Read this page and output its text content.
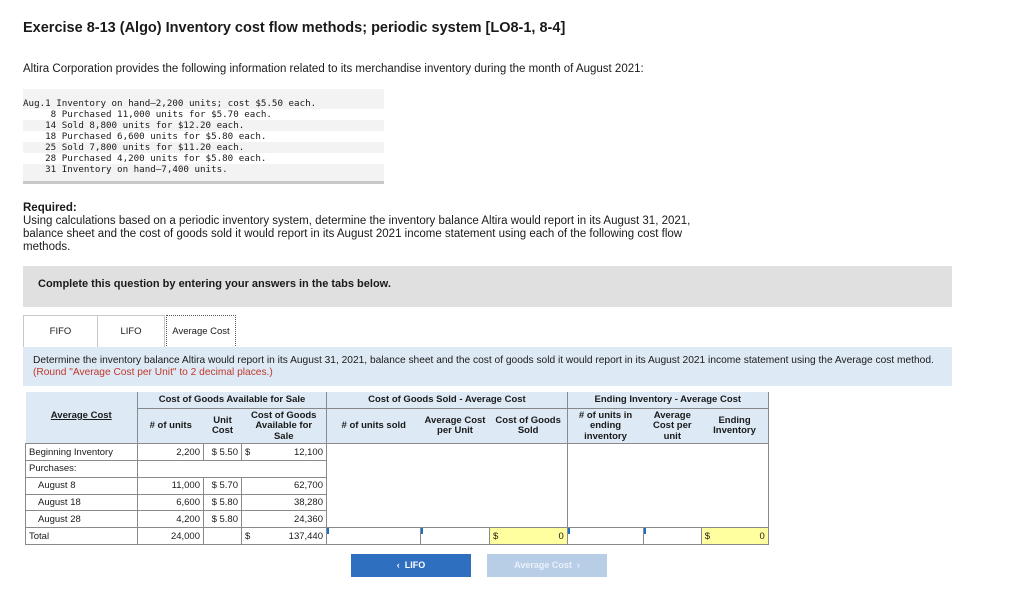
Exercise 8-13 (Algo) Inventory cost flow methods; periodic system [LO8-1, 8-4]
Altira Corporation provides the following information related to its merchandise inventory during the month of August 2021:
Aug.1 Inventory on hand—2,200 units; cost $5.50 each.
8 Purchased 11,000 units for $5.70 each.
14 Sold 8,800 units for $12.20 each.
18 Purchased 6,600 units for $5.80 each.
25 Sold 7,800 units for $11.20 each.
28 Purchased 4,200 units for $5.80 each.
31 Inventory on hand—7,400 units.
Required:
Using calculations based on a periodic inventory system, determine the inventory balance Altira would report in its August 31, 2021, balance sheet and the cost of goods sold it would report in its August 2021 income statement using each of the following cost flow methods.
Complete this question by entering your answers in the tabs below.
FIFO	LIFO	Average Cost

Determine the inventory balance Altira would report in its August 31, 2021, balance sheet and the cost of goods sold it would report in its August 2021 income statement using the Average cost method. (Round "Average Cost per Unit" to 2 decimal places.)

	Cost of Goods Available for Sale				Cost of Goods Sold - Average Cost				Ending Inventory - Average Cost			
Average Cost	# of units	Unit Cost	Cost of Goods Available for Sale		# of units sold	Average Cost per Unit	Cost of Goods Sold		# of units in ending inventory	Average Cost per unit	Ending Inventory	
Beginning Inventory	2,200	$ 5.50	$	12,100								
Purchases:												
August 8	11,000	$ 5.70		62,700								
August 18	6,600	$ 5.80		38,280								
August 28	4,200	$ 5.80		24,360								
Total	24,000		$	137,440			$	0			$	0
‹  LIFO	Average Cost  ›
